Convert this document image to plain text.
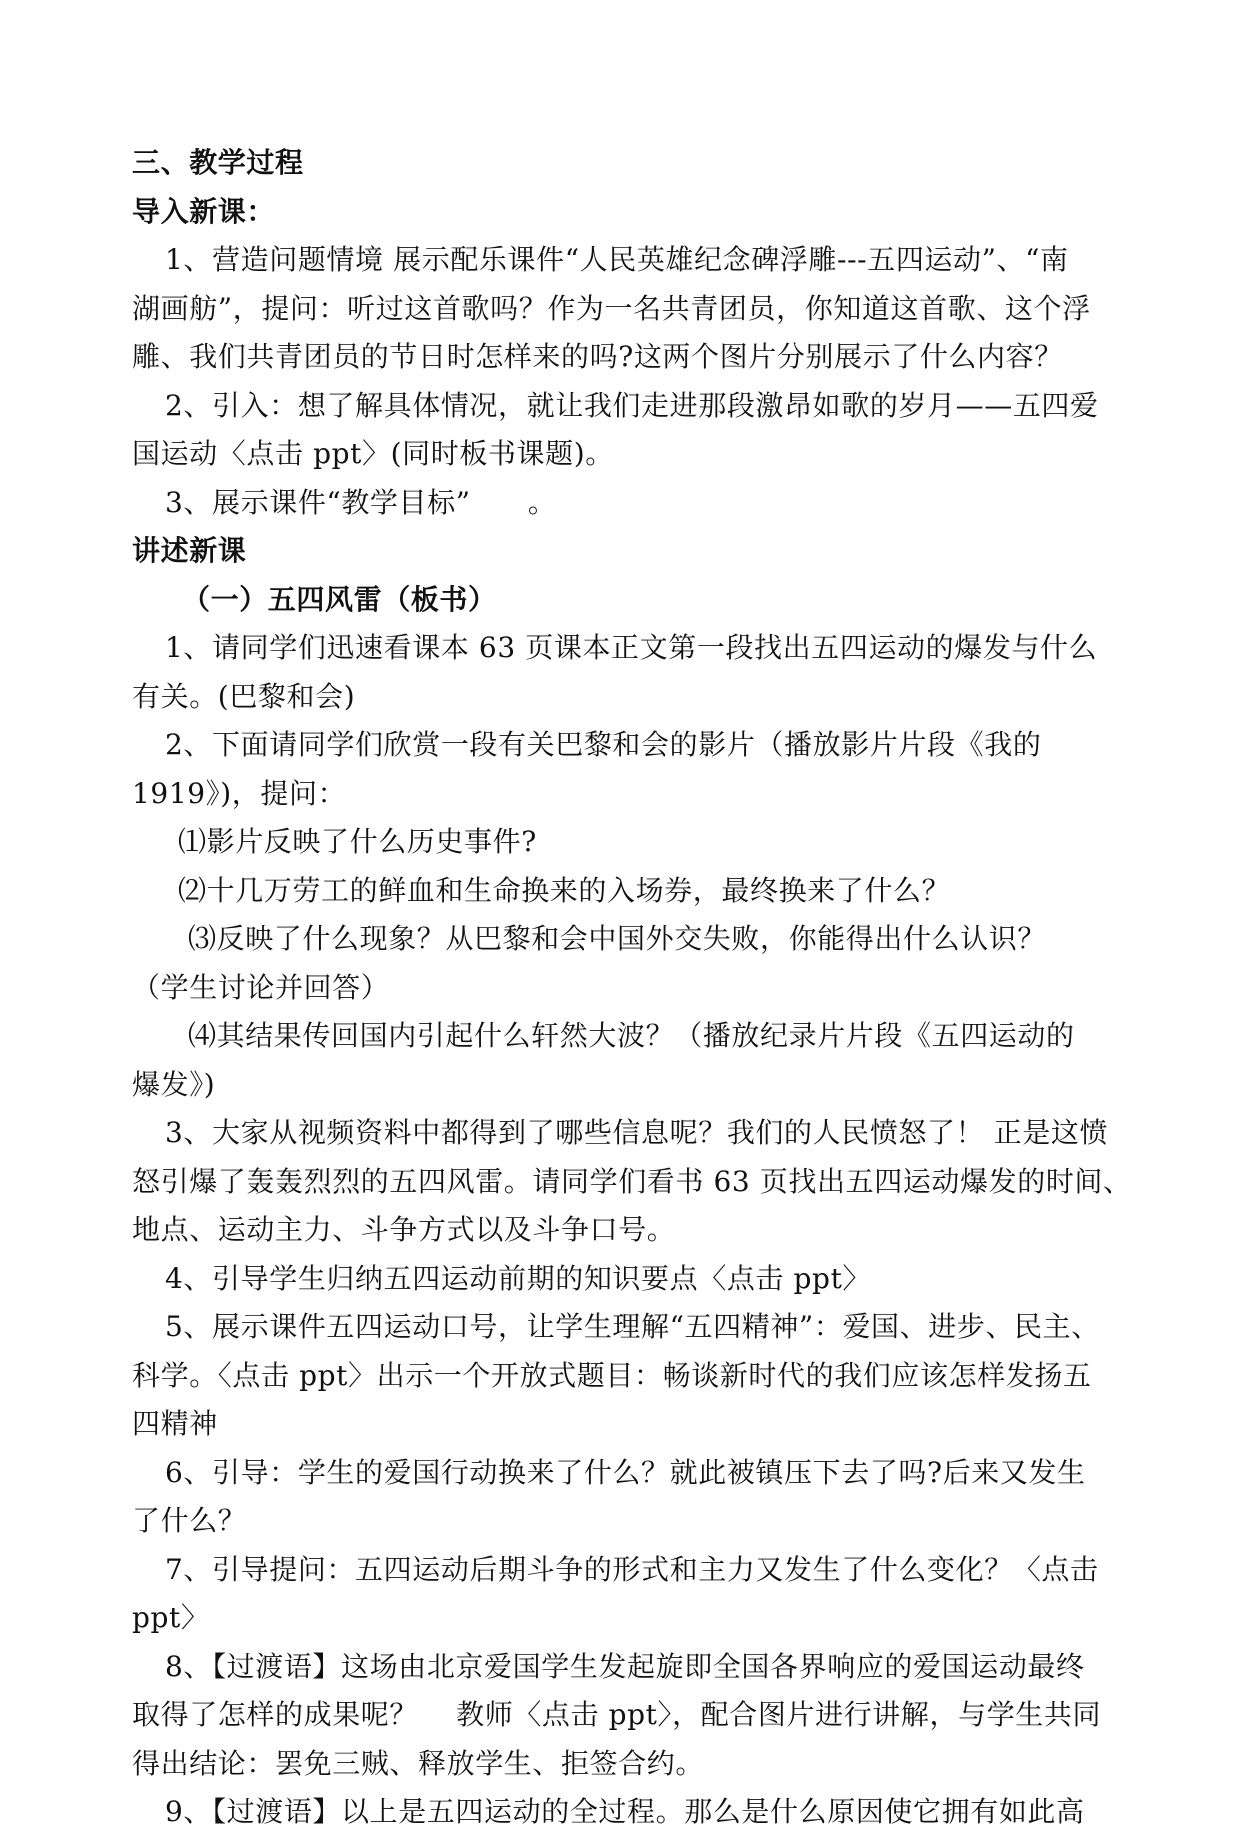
三、教学过程
导入新课：
1、营造问题情境 展示配乐课件“人民英雄纪念碑浮雕---五四运动”、“南
湖画舫”，提问：听过这首歌吗？作为一名共青团员，你知道这首歌、这个浮
雕、我们共青团员的节日时怎样来的吗?这两个图片分别展示了什么内容？
2、引入：想了解具体情况，就让我们走进那段激昂如歌的岁月——五四爱
国运动〈点击 ppt〉(同时板书课题)。
3、展示课件“教学目标”　　。
讲述新课
（一）五四风雷（板书）
1、请同学们迅速看课本 63 页课本正文第一段找出五四运动的爆发与什么
有关。(巴黎和会)
2、下面请同学们欣赏一段有关巴黎和会的影片（播放影片片段《我的
1919》)，提问：
⑴影片反映了什么历史事件?
⑵十几万劳工的鲜血和生命换来的入场券，最终换来了什么？
⑶反映了什么现象？从巴黎和会中国外交失败，你能得出什么认识？
（学生讨论并回答）
⑷其结果传回国内引起什么轩然大波？（播放纪录片片段《五四运动的
爆发》)
3、大家从视频资料中都得到了哪些信息呢？我们的人民愤怒了！ 正是这愤
怒引爆了轰轰烈烈的五四风雷。请同学们看书 63 页找出五四运动爆发的时间、
地点、运动主力、斗争方式以及斗争口号。
4、引导学生归纳五四运动前期的知识要点〈点击 ppt〉
5、展示课件五四运动口号，让学生理解“五四精神”：爱国、进步、民主、
科学。〈点击 ppt〉出示一个开放式题目：畅谈新时代的我们应该怎样发扬五
四精神
6、引导：学生的爱国行动换来了什么？就此被镇压下去了吗?后来又发生
了什么？
7、引导提问：五四运动后期斗争的形式和主力又发生了什么变化？〈点击
ppt〉
8、【过渡语】这场由北京爱国学生发起旋即全国各界响应的爱国运动最终
取得了怎样的成果呢？　 教师〈点击 ppt〉，配合图片进行讲解，与学生共同
得出结论：罢免三贼、释放学生、拒签合约。
9、【过渡语】以上是五四运动的全过程。那么是什么原因使它拥有如此高
